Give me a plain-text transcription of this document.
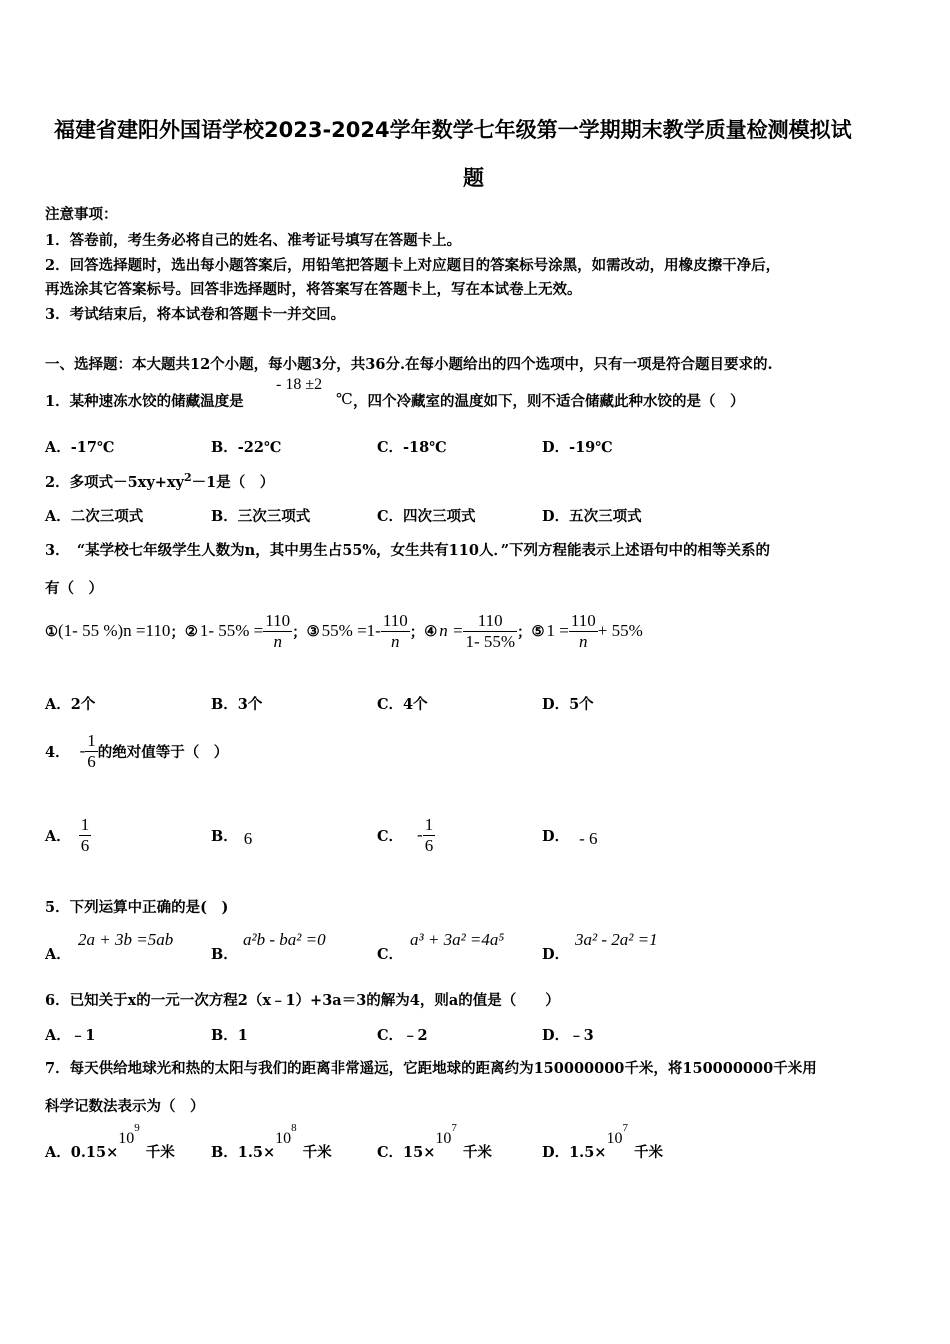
福建省建阳外国语学校2023-2024学年数学七年级第一学期期末教学质量检测模拟试
题
注意事项：
1．答卷前，考生务必将自己的姓名、准考证号填写在答题卡上。
2．回答选择题时，选出每小题答案后，用铅笔把答题卡上对应题目的答案标号涂黑，如需改动，用橡皮擦干净后，
再选涂其它答案标号。回答非选择题时，将答案写在答题卡上，写在本试卷上无效。
3．考试结束后，将本试卷和答题卡一并交回。
一、选择题：本大题共12个小题，每小题3分，共36分.在每小题给出的四个选项中，只有一项是符合题目要求的.
1．某种速冻水饺的储藏温度是
- 18 ±2
℃ ，四个冷藏室的温度如下，则不适合储藏此种水饺的是（　）
A．-17℃	B．-22℃	C．-18℃	D．-19℃
2．多项式$-5xy+xy^2-1$是（　）
A．二次三项式	B．三次三项式	C．四次三项式	D．五次三项式
3．　“某学校七年级学生人数为n，其中男生占55%，女生共有110人．”下列方程能表示上述语句中的相等关系的
有（　）
① (1- 55 %)n =110 ； ② 1- $55\% = \frac{110}{n}$ ； ③ $55\% =1- \frac{110}{n}$ ； ④ $n = \frac{110}{1- 55\%}$ ； ⑤ $1 = \frac{110}{n} + 55\%$
A．2个	B．3个	C．4个	D．5个
4． - $\frac{1}{6}$ 的绝对值等于（　）
A． $\frac{1}{6}$	B． 6	C． - $\frac{1}{6}$	D． - 6
5．下列运算中正确的是(　)
A．
2a + 3b =5ab
B．
a²b - ba² =0
C．
a³ + 3a² =4a⁵
D．
3a² - 2a² =1
6．已知关于x的一元一次方程2（x﹣1）+3a＝3的解为4，则a的值是（　　）
A．﹣1	B．1	C．﹣2	D．﹣3
7．每天供给地球光和热的太阳与我们的距离非常遥远，它距地球的距离约为150000000千米，将150000000千米用
科学记数法表示为（　）
A．$0.15\times 10^9$千米	B．$1.5\times 10^8$千米	C．$15\times 10^7$千米	D．$1.5\times 10^7$千米
